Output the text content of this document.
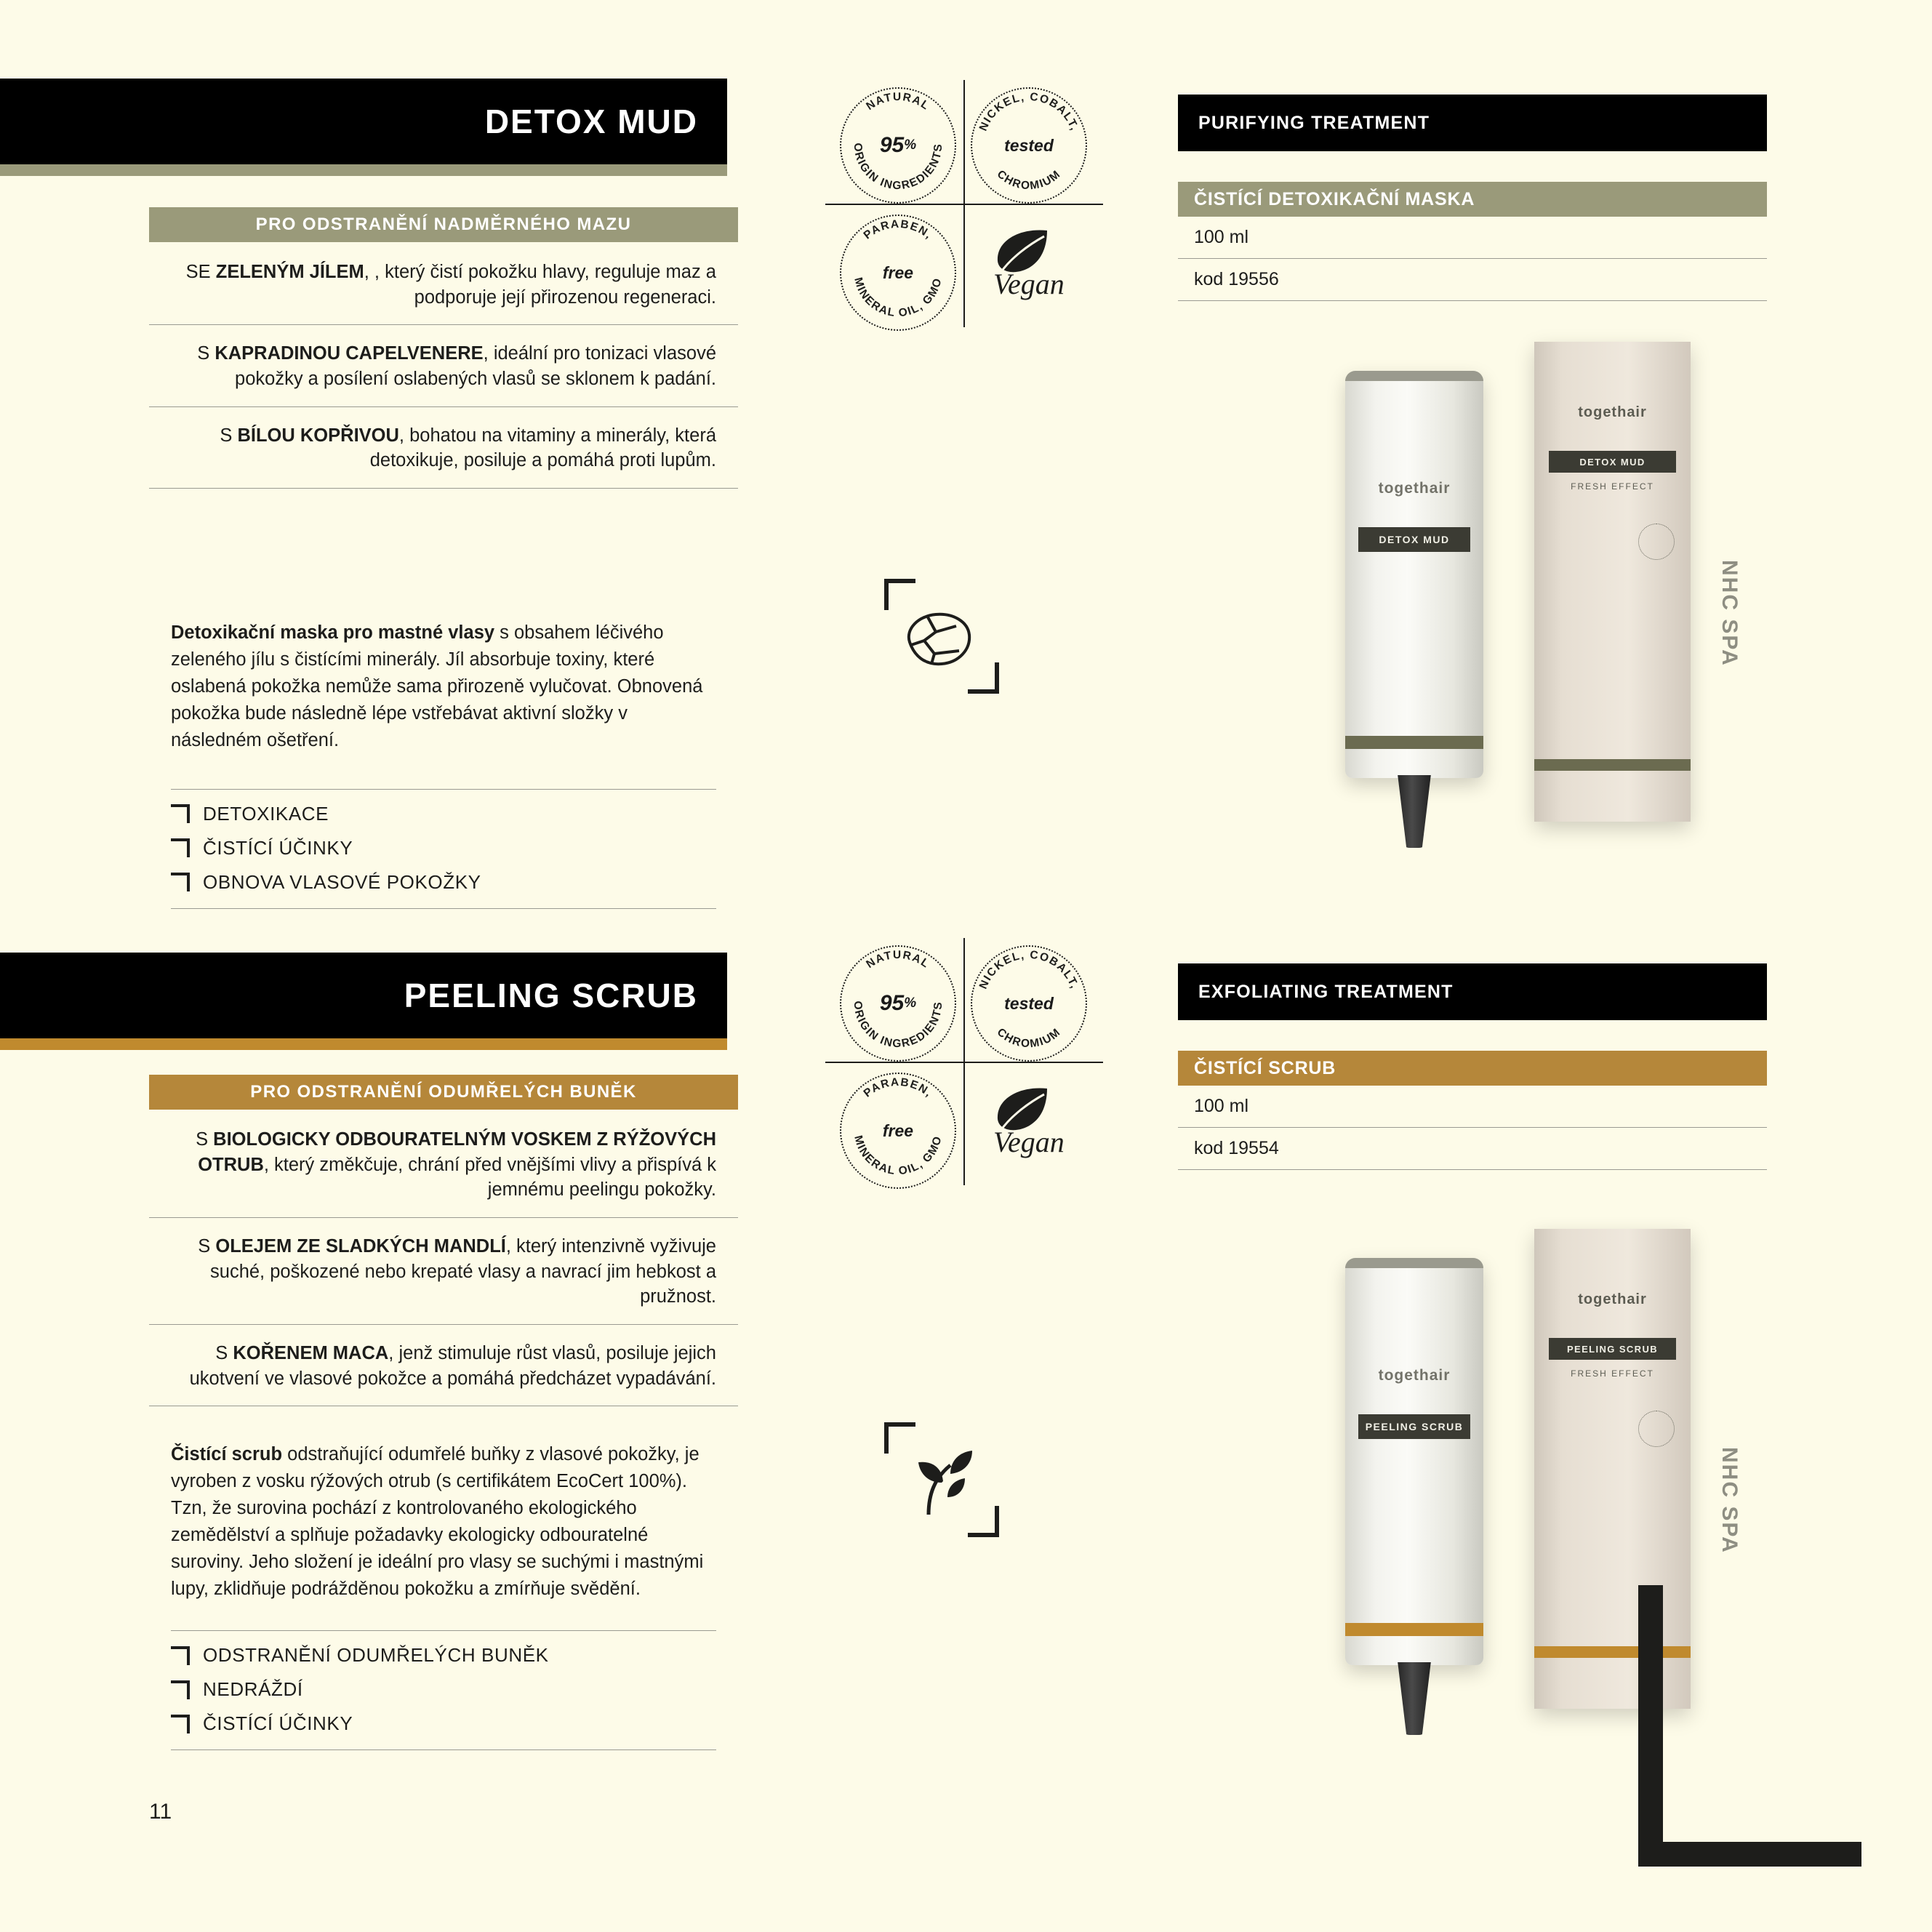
DETOX MUD
PRO ODSTRANĚNÍ NADMĚRNÉHO MAZU
SE ZELENÝM JÍLEM, , který čistí pokožku hlavy, reguluje maz a podporuje její přirozenou regeneraci.
S KAPRADINOU CAPELVENERE, ideální pro tonizaci vlasové pokožky a posílení oslabených vlasů se sklonem k padání.
S BÍLOU KOPŘIVOU, bohatou na vitaminy a minerály, která detoxikuje, posiluje a pomáhá proti lupům.
Detoxikační maska pro mastné vlasy s obsahem léčivého zeleného jílu s čistícími minerály. Jíl absorbuje toxiny, které oslabená pokožka nemůže sama přirozeně vylučovat. Obnovená pokožka bude následně lépe vstřebávat aktivní složky v následném ošetření.
DETOXIKACE
ČISTÍCÍ ÚČINKY
OBNOVA VLASOVÉ POKOŽKY
NATURAL
ORIGIN INGREDIENTS
95 %
NICKEL, COBALT,
CHROMIUM
tested
PARABEN,
MINERAL OIL, GMO
free	Vegan
PURIFYING TREATMENT
ČISTÍCÍ DETOXIKAČNÍ MASKA
100 ml
kod 19556
togethair
DETOX MUD
FRESH EFFECT
NHC SPA
togethair
DETOX MUD
PEELING SCRUB
PRO ODSTRANĚNÍ ODUMŘELÝCH BUNĚK
S BIOLOGICKY ODBOURATELNÝM VOSKEM Z RÝŽOVÝCH OTRUB, který změkčuje, chrání před vnějšími vlivy a přispívá k jemnému peelingu pokožky.
S OLEJEM ZE SLADKÝCH MANDLÍ, který intenzivně vyživuje suché, poškozené nebo krepaté vlasy a navrací jim hebkost a pružnost.
S KOŘENEM MACA, jenž stimuluje růst vlasů, posiluje jejich ukotvení ve vlasové pokožce a pomáhá předcházet vypadávání.
Čistící scrub odstraňující odumřelé buňky z vlasové pokožky, je vyroben z vosku rýžových otrub (s certifikátem EcoCert 100%). Tzn, že surovina pochází z kontrolovaného ekologického zemědělství a splňuje požadavky ekologicky odbouratelné suroviny. Jeho složení je ideální pro vlasy se suchými i mastnými lupy, zklidňuje podrážděnou pokožku a zmírňuje svědění.
ODSTRANĚNÍ ODUMŘELÝCH BUNĚK
NEDRÁŽDÍ
ČISTÍCÍ ÚČINKY
NATURAL
ORIGIN INGREDIENTS
95 %
NICKEL, COBALT,
CHROMIUM
tested
PARABEN,
MINERAL OIL, GMO
free	Vegan
EXFOLIATING TREATMENT
ČISTÍCÍ SCRUB
100 ml
kod 19554
togethair
PEELING SCRUB
FRESH EFFECT
NHC SPA
togethair
PEELING SCRUB
11
